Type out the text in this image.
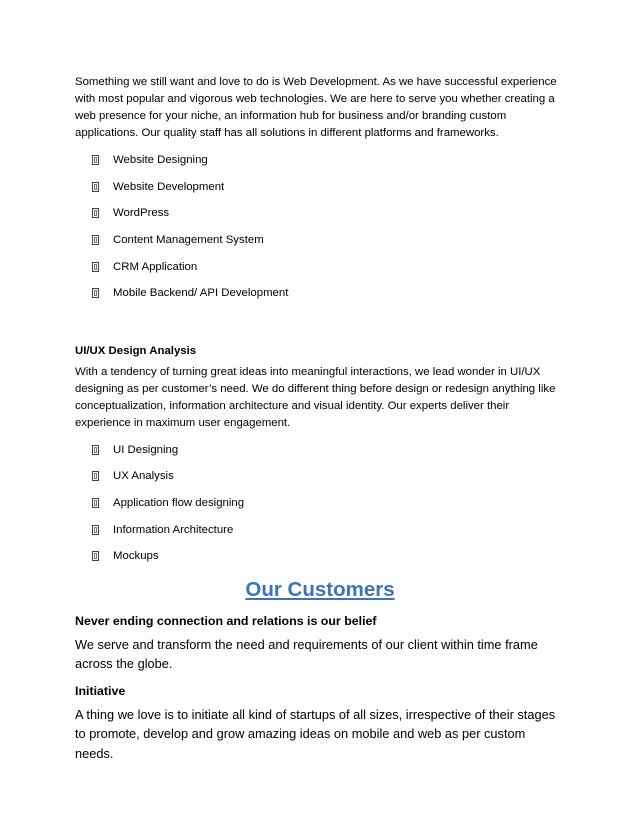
Something we still want and love to do is Web Development. As we have successful experience with most popular and vigorous web technologies. We are here to serve you whether creating a web presence for your niche, an information hub for business and/or branding custom applications. Our quality staff has all solutions in different platforms and frameworks.

Website Designing
Website Development
WordPress
Content Management System
CRM Application
Mobile Backend/ API Development

UI/UX Design Analysis

With a tendency of turning great ideas into meaningful interactions, we lead wonder in UI/UX designing as per customer’s need. We do different thing before design or redesign anything like conceptualization, information architecture and visual identity. Our experts deliver their experience in maximum user engagement.

UI Designing
UX Analysis
Application flow designing
Information Architecture
Mockups

Our Customers

Never ending connection and relations is our belief

We serve and transform the need and requirements of our client within time frame across the globe.

Initiative

A thing we love is to initiate all kind of startups of all sizes, irrespective of their stages to promote, develop and grow amazing ideas on mobile and web as per custom needs.
